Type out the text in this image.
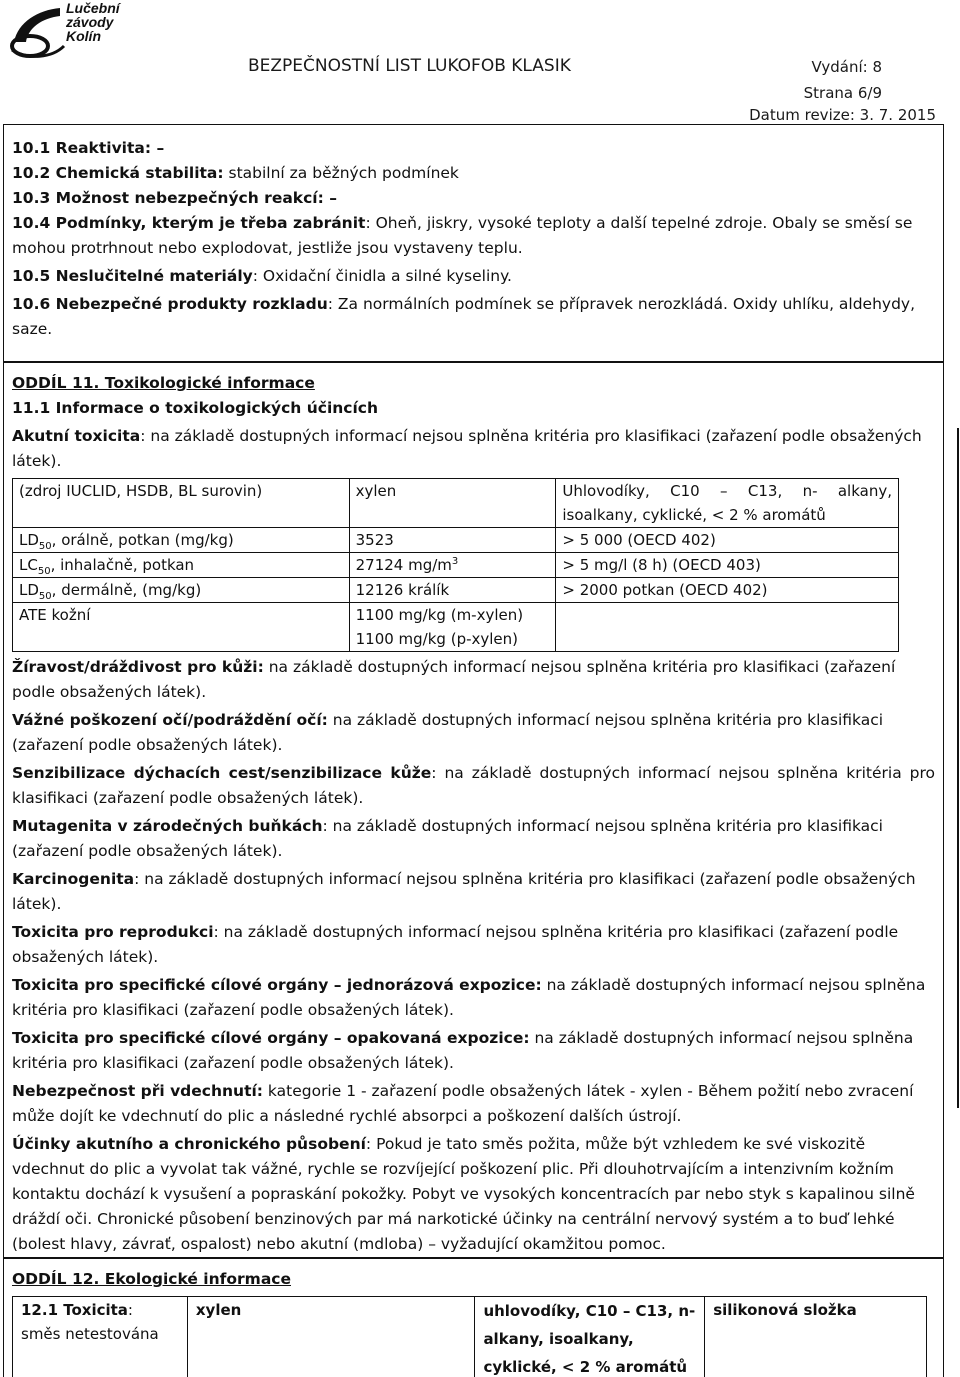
Lučební
závody
Kolín
BEZPEČNOSTNÍ LIST LUKOFOB KLASIK	Vydání: 8
Strana 6/9
Datum revize: 3. 7. 2015

10.1 Reaktivita: –

10.2 Chemická stabilita: stabilní za běžných podmínek

10.3 Možnost nebezpečných reakcí: –

10.4 Podmínky, kterým je třeba zabránit: Oheň, jiskry, vysoké teploty a další tepelné zdroje. Obaly se směsí se mohou protrhnout nebo explodovat, jestliže jsou vystaveny teplu.

10.5 Neslučitelné materiály: Oxidační činidla a silné kyseliny.

10.6 Nebezpečné produkty rozkladu: Za normálních podmínek se přípravek nerozkládá. Oxidy uhlíku, aldehydy, saze.

ODDÍL 11. Toxikologické informace

11.1 Informace o toxikologických účincích

Akutní toxicita: na základě dostupných informací nejsou splněna kritéria pro klasifikaci (zařazení podle obsažených látek).

(zdroj IUCLID, HSDB, BL surovin)	xylen	Uhlovodíky, C10 – C13, n- alkany, isoalkany, cyklické, < 2 % aromátů
$LD_{50}$, orálně, potkan (mg/kg)	3523	> 5 000 (OECD 402)
$LC_{50}$, inhalačně, potkan	27124 $mg/m^3$	> 5 mg/l (8 h) (OECD 403)
$LD_{50}$, dermálně, (mg/kg)	12126 králík	> 2000 potkan (OECD 402)
ATE kožní	1100 mg/kg (m-xylen)
1100 mg/kg (p-xylen)	

Žíravost/dráždivost pro kůži: na základě dostupných informací nejsou splněna kritéria pro klasifikaci (zařazení podle obsažených látek).

Vážné poškození očí/podráždění očí: na základě dostupných informací nejsou splněna kritéria pro klasifikaci (zařazení podle obsažených látek).

Senzibilizace dýchacích cest/senzibilizace kůže: na základě dostupných informací nejsou splněna kritéria pro klasifikaci (zařazení podle obsažených látek).

Mutagenita v zárodečných buňkách: na základě dostupných informací nejsou splněna kritéria pro klasifikaci (zařazení podle obsažených látek).

Karcinogenita: na základě dostupných informací nejsou splněna kritéria pro klasifikaci (zařazení podle obsažených látek).

Toxicita pro reprodukci: na základě dostupných informací nejsou splněna kritéria pro klasifikaci (zařazení podle obsažených látek).

Toxicita pro specifické cílové orgány – jednorázová expozice: na základě dostupných informací nejsou splněna kritéria pro klasifikaci (zařazení podle obsažených látek).

Toxicita pro specifické cílové orgány – opakovaná expozice: na základě dostupných informací nejsou splněna kritéria pro klasifikaci (zařazení podle obsažených látek).

Nebezpečnost při vdechnutí: kategorie 1 - zařazení podle obsažených látek - xylen - Během požití nebo zvracení může dojít ke vdechnutí do plic a následné rychlé absorpci a poškození dalších ústrojí.

Účinky akutního a chronického působení: Pokud je tato směs požita, může být vzhledem ke své viskozitě vdechnut do plic a vyvolat tak vážné, rychle se rozvíjející poškození plic. Při dlouhotrvajícím a intenzivním kožním kontaktu dochází k vysušení a popraskání pokožky. Pobyt ve vysokých koncentracích par nebo styk s kapalinou silně dráždí oči. Chronické působení benzinových par má narkotické účinky na centrální nervový systém a to buď lehké (bolest hlavy, závrať, ospalost) nebo akutní (mdloba) – vyžadující okamžitou pomoc.

ODDÍL 12. Ekologické informace

12.1 Toxicita:
směs netestována
	xylen	uhlovodíky, C10 – C13, n- alkany, isoalkany, cyklické, < 2 % aromátů	silikonová složka
